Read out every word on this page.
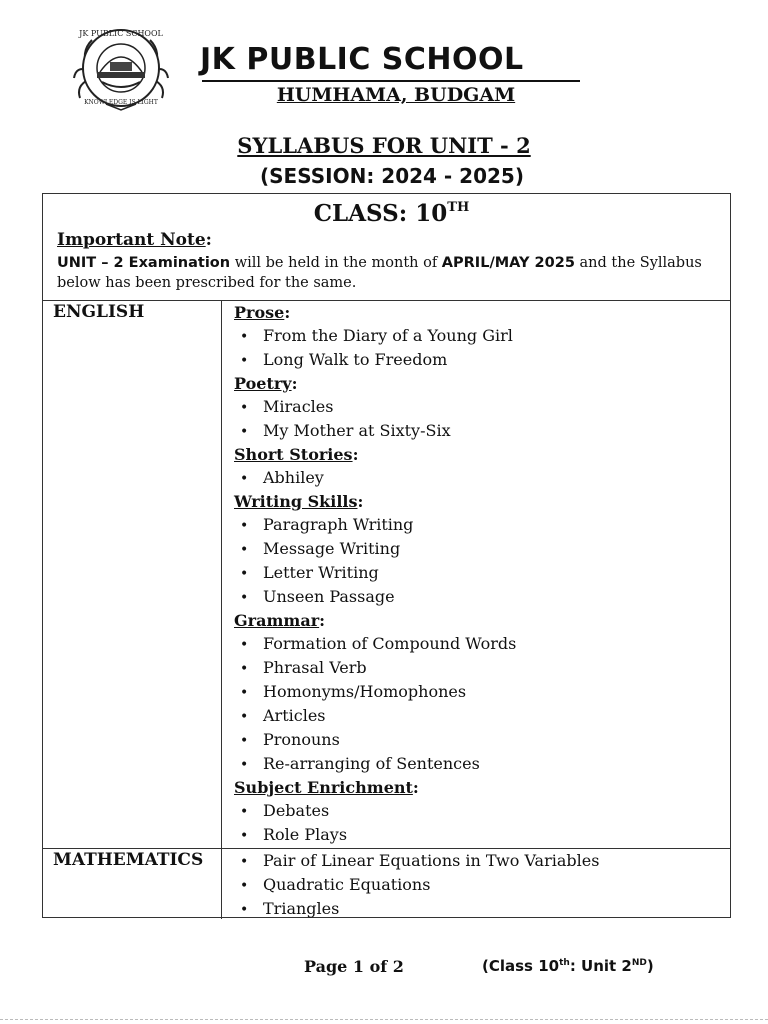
JK PUBLIC SCHOOL
KNOWLEDGE IS LIGHT
JK PUBLIC SCHOOL
HUMHAMA, BUDGAM
SYLLABUS FOR UNIT - 2
(SESSION: 2024 - 2025)
CLASS: 10TH
Important Note:
UNIT – 2 Examination will be held in the month of APRIL/MAY 2025 and the Syllabus below has been prescribed for the same.
ENGLISH	Prose:
• From the Diary of a Young Girl
• Long Walk to Freedom
Poetry:
• Miracles
• My Mother at Sixty-Six
Short Stories:
• Abhiley
Writing Skills:
• Paragraph Writing
• Message Writing
• Letter Writing
• Unseen Passage
Grammar:
• Formation of Compound Words
• Phrasal Verb
• Homonyms/Homophones
• Articles
• Pronouns
• Re-arranging of Sentences
Subject Enrichment:
• Debates
• Role Plays
MATHEMATICS	• Pair of Linear Equations in Two Variables
• Quadratic Equations
• Triangles
Page 1 of 2	(Class 10th: Unit 2ND)
